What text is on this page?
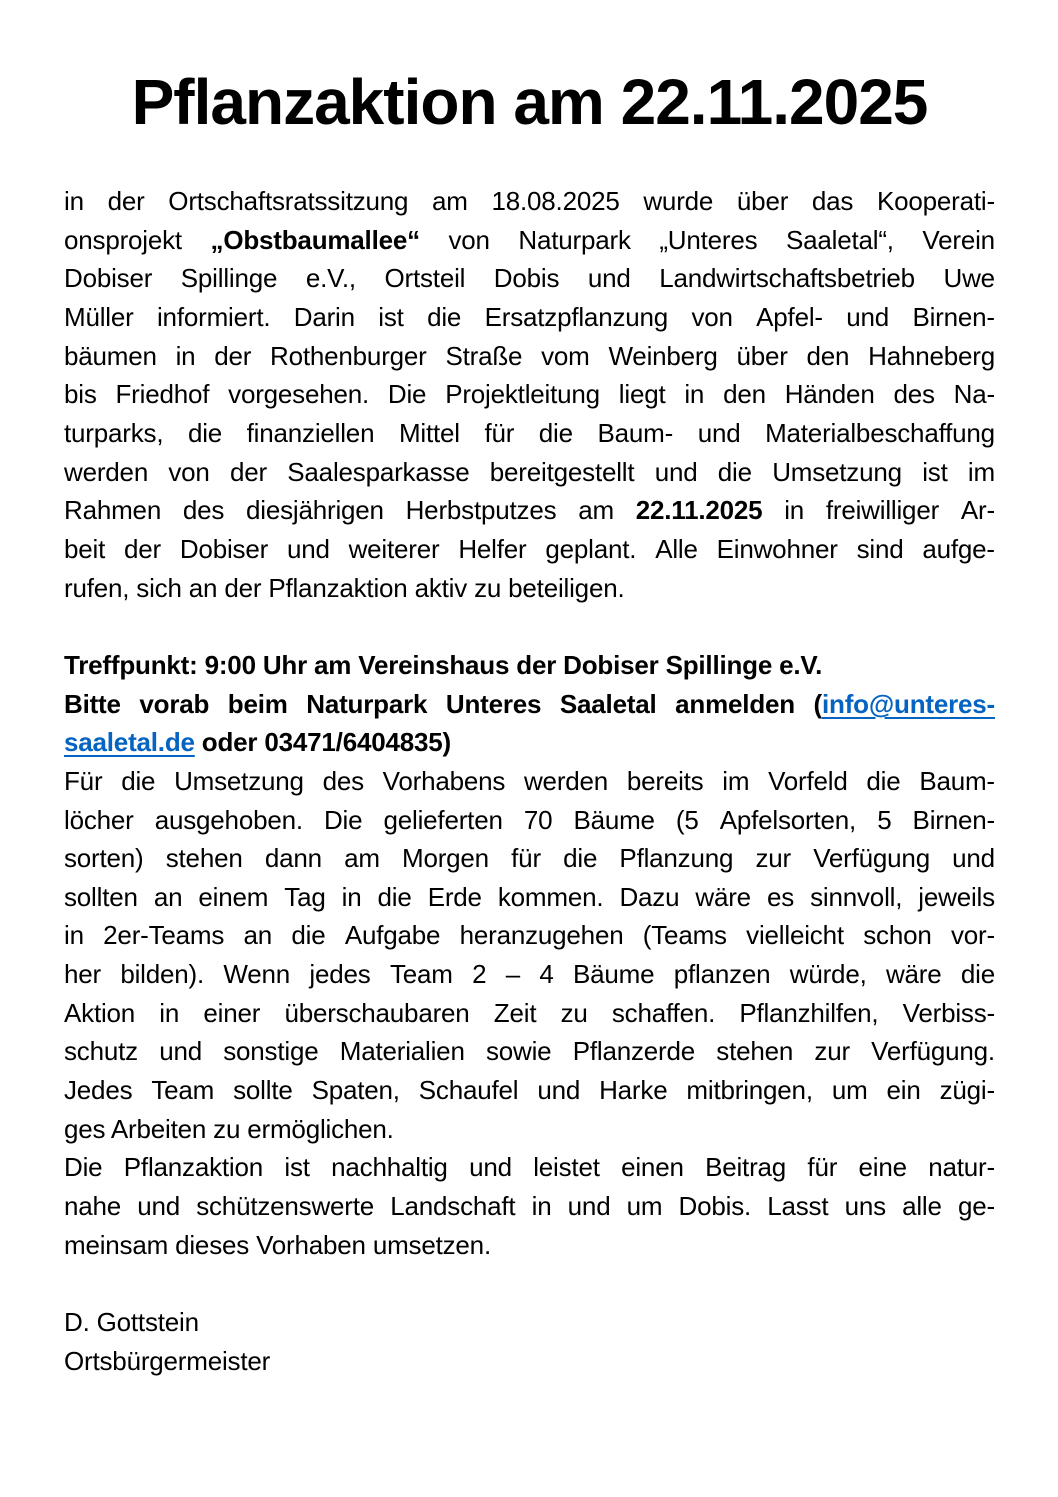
Pflanzaktion am 22.11.2025
in der Ortschaftsratssitzung am 18.08.2025 wurde über das Kooperati-
onsprojekt „Obstbaumallee“ von Naturpark „Unteres Saaletal“, Verein
Dobiser Spillinge e.V., Ortsteil Dobis und Landwirtschaftsbetrieb Uwe
Müller informiert. Darin ist die Ersatzpflanzung von Apfel- und Birnen-
bäumen in der Rothenburger Straße vom Weinberg über den Hahneberg
bis Friedhof vorgesehen. Die Projektleitung liegt in den Händen des Na-
turparks, die finanziellen Mittel für die Baum- und Materialbeschaffung
werden von der Saalesparkasse bereitgestellt und die Umsetzung ist im
Rahmen des diesjährigen Herbstputzes am 22.11.2025 in freiwilliger Ar-
beit der Dobiser und weiterer Helfer geplant. Alle Einwohner sind aufge-
rufen, sich an der Pflanzaktion aktiv zu beteiligen.
Treffpunkt: 9:00 Uhr am Vereinshaus der Dobiser Spillinge e.V.
Bitte vorab beim Naturpark Unteres Saaletal anmelden (info@unteres-
saaletal.de oder 03471/6404835)
Für die Umsetzung des Vorhabens werden bereits im Vorfeld die Baum-
löcher ausgehoben. Die gelieferten 70 Bäume (5 Apfelsorten, 5 Birnen-
sorten) stehen dann am Morgen für die Pflanzung zur Verfügung und
sollten an einem Tag in die Erde kommen. Dazu wäre es sinnvoll, jeweils
in 2er-Teams an die Aufgabe heranzugehen (Teams vielleicht schon vor-
her bilden). Wenn jedes Team 2 – 4 Bäume pflanzen würde, wäre die
Aktion in einer überschaubaren Zeit zu schaffen. Pflanzhilfen, Verbiss-
schutz und sonstige Materialien sowie Pflanzerde stehen zur Verfügung.
Jedes Team sollte Spaten, Schaufel und Harke mitbringen, um ein zügi-
ges Arbeiten zu ermöglichen.
Die Pflanzaktion ist nachhaltig und leistet einen Beitrag für eine natur-
nahe und schützenswerte Landschaft in und um Dobis. Lasst uns alle ge-
meinsam dieses Vorhaben umsetzen.
D. Gottstein
Ortsbürgermeister
